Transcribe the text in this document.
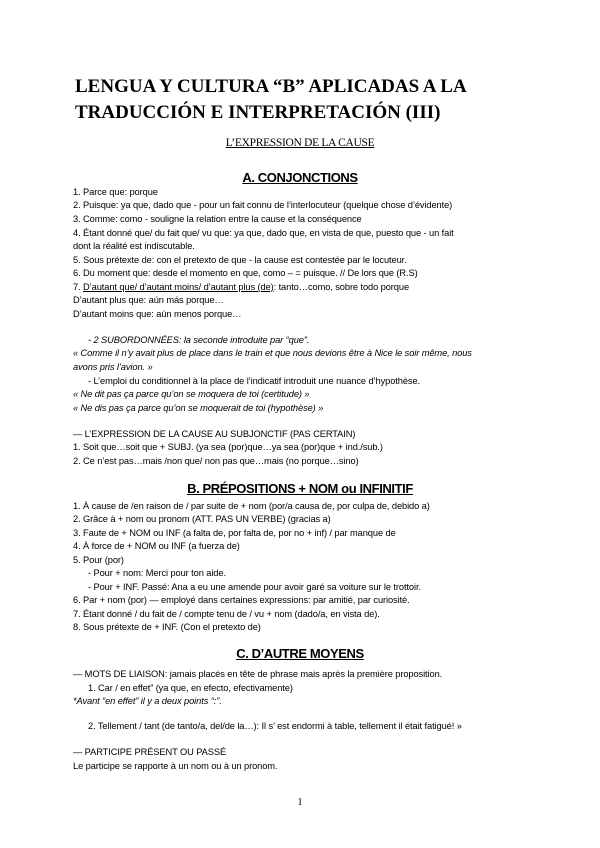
LENGUA Y CULTURA “B” APLICADAS A LA
TRADUCCIÓN E INTERPRETACIÓN (III)
L’EXPRESSION DE LA CAUSE
A. CONJONCTIONS
1. Parce que: porque
2. Puisque: ya que, dado que - pour un fait connu de l’interlocuteur (quelque chose d’évidente)
3. Comme: como - souligne la relation entre la cause et la conséquence
4. Étant donné que/ du fait que/ vu que: ya que, dado que, en vista de que, puesto que - un fait
dont la réalité est indiscutable.
5. Sous prétexte de: con el pretexto de que - la cause est contestée par le locuteur.
6. Du moment que: desde el momento en que, como – = puisque. // De lors que (R.S)
7. D’autant que/ d’autant moins/ d’autant plus (de): tanto…como, sobre todo porque
D’autant plus que: aún más porque…
D’autant moins que: aún menos porque…
- 2 SUBORDONNÉES: la seconde introduite par “que”.
« Comme il n’y avait plus de place dans le train et que nous devions être à Nice le soir même, nous
avons pris l’avion. »
- L’emploi du conditionnel à la place de l’indicatif introduit une nuance d’hypothèse.
« Ne dit pas ça parce qu’on se moquera de toi (certitude) »
« Ne dis pas ça parce qu’on se moquerait de toi (hypothèse) »
— L’EXPRESSION DE LA CAUSE AU SUBJONCTIF (PAS CERTAIN)
1. Soit que…soit que + SUBJ. (ya sea (por)que…ya sea (por)que + ind./sub.)
2. Ce n’est pas…mais /non que/ non pas que…mais (no porque…sino)
B. PRÉPOSITIONS + NOM ou INFINITIF
1. À cause de /en raison de / par suite de + nom (por/a causa de, por culpa de, debido a)
2. Grâce à + nom ou pronom (ATT. PAS UN VERBE) (gracias a)
3. Faute de + NOM ou INF (a falta de, por falta de, por no + inf) / par manque de
4. À force de + NOM ou INF (a fuerza de)
5. Pour (por)
- Pour + nom: Merci pour ton aide.
- Pour + INF. Passé: Ana a eu une amende pour avoir garé sa voiture sur le trottoir.
6. Par + nom (por) — employé dans certaines expressions: par amitié, par curiosité.
7. Étant donné / du fait de / compte tenu de / vu + nom (dado/a, en vista de).
8. Sous prétexte de + INF. (Con el pretexto de)
C. D’AUTRE MOYENS
— MOTS DE LIAISON: jamais placés en tête de phrase mais après la première proposition.
1. Car / en effet” (ya que, en efecto, efectivamente)
*Avant “en effet” il y a deux points “:”.
2. Tellement / tant (de tanto/a, del/de la…): Il s’ est endormi à table, tellement il était fatigué! »
— PARTICIPE PRÉSENT OU PASSÉ
Le participe se rapporte à un nom ou à un pronom.
1
